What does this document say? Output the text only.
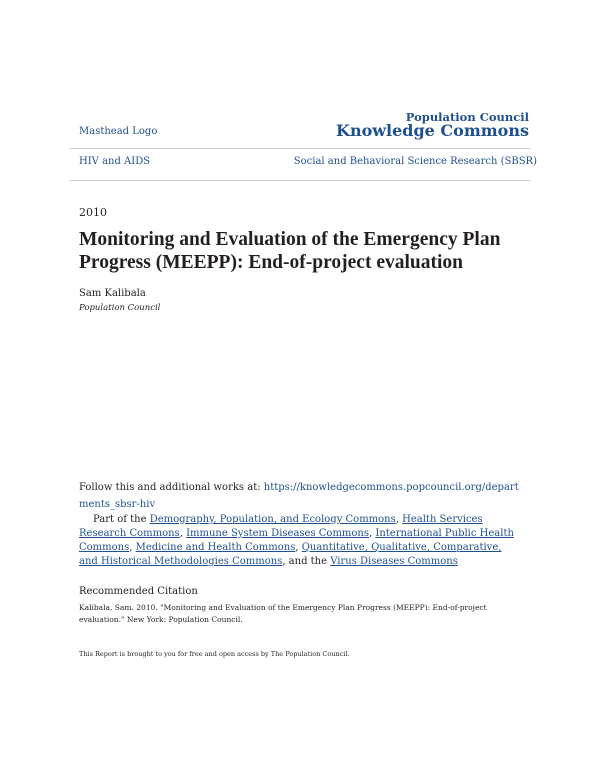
Masthead Logo
Population Council
Knowledge Commons
HIV and AIDS	Social and Behavioral Science Research (SBSR)
2010
Monitoring and Evaluation of the Emergency Plan Progress (MEEPP): End-of-project evaluation
Sam Kalibala
Population Council
Follow this and additional works at: https://knowledgecommons.popcouncil.org/departments_sbsr-hiv
Part of the Demography, Population, and Ecology Commons, Health Services Research Commons, Immune System Diseases Commons, International Public Health Commons, Medicine and Health Commons, Quantitative, Qualitative, Comparative, and Historical Methodologies Commons, and the Virus Diseases Commons
Recommended Citation
Kalibala, Sam. 2010. "Monitoring and Evaluation of the Emergency Plan Progress (MEEPP): End-of-project evaluation." New York: Population Council.
This Report is brought to you for free and open access by The Population Council.
